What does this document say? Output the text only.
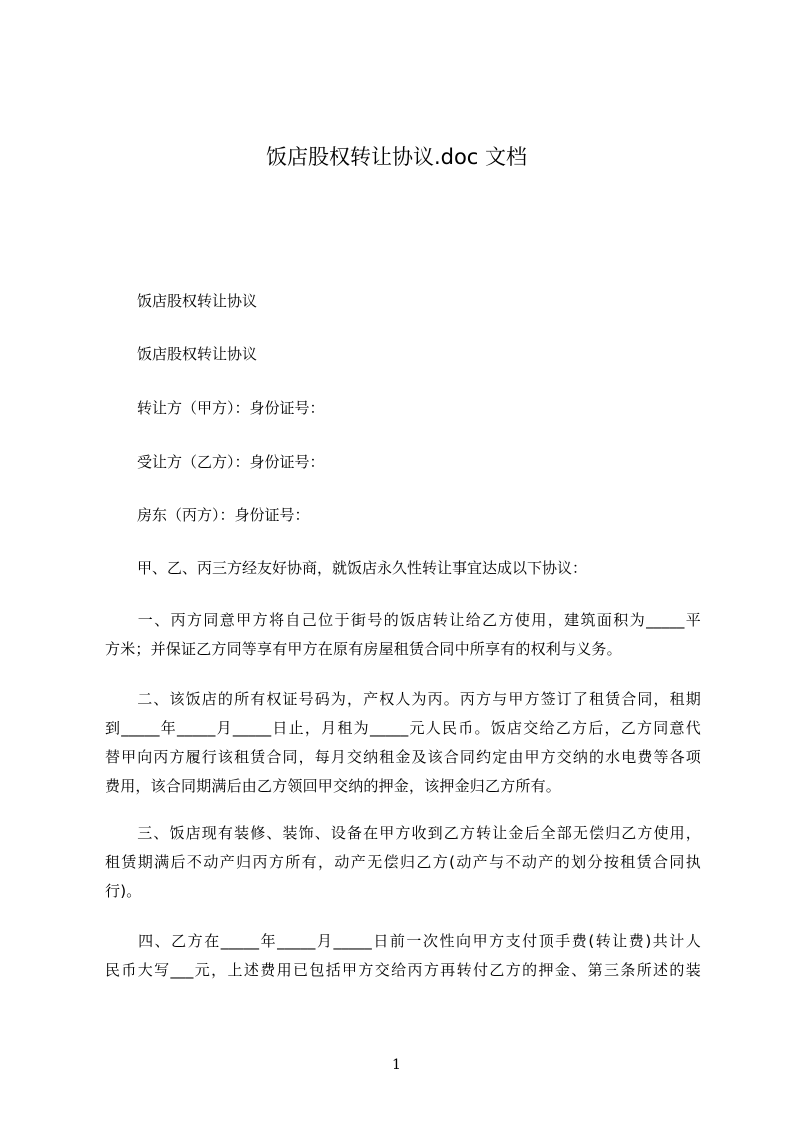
饭店股权转让协议.doc 文档
饭店股权转让协议
饭店股权转让协议
转让方（甲方）：身份证号：
受让方（乙方）：身份证号：
房东（丙方）：身份证号：
甲、乙、丙三方经友好协商，就饭店永久性转让事宜达成以下协议：
　　一、丙方同意甲方将自己位于街号的饭店转让给乙方使用，建筑面积为_____平
方米；并保证乙方同等享有甲方在原有房屋租赁合同中所享有的权利与义务。
　　二、该饭店的所有权证号码为，产权人为丙。丙方与甲方签订了租赁合同，租期
到_____年_____月_____日止，月租为_____元人民币。饭店交给乙方后，乙方同意代
替甲向丙方履行该租赁合同，每月交纳租金及该合同约定由甲方交纳的水电费等各项
费用，该合同期满后由乙方领回甲交纳的押金，该押金归乙方所有。
　　三、饭店现有装修、装饰、设备在甲方收到乙方转让金后全部无偿归乙方使用，
租赁期满后不动产归丙方所有，动产无偿归乙方(动产与不动产的划分按租赁合同执
行)。
　　四、乙方在_____年_____月_____日前一次性向甲方支付顶手费(转让费)共计人
民币大写___元，上述费用已包括甲方交给丙方再转付乙方的押金、第三条所述的装
1
